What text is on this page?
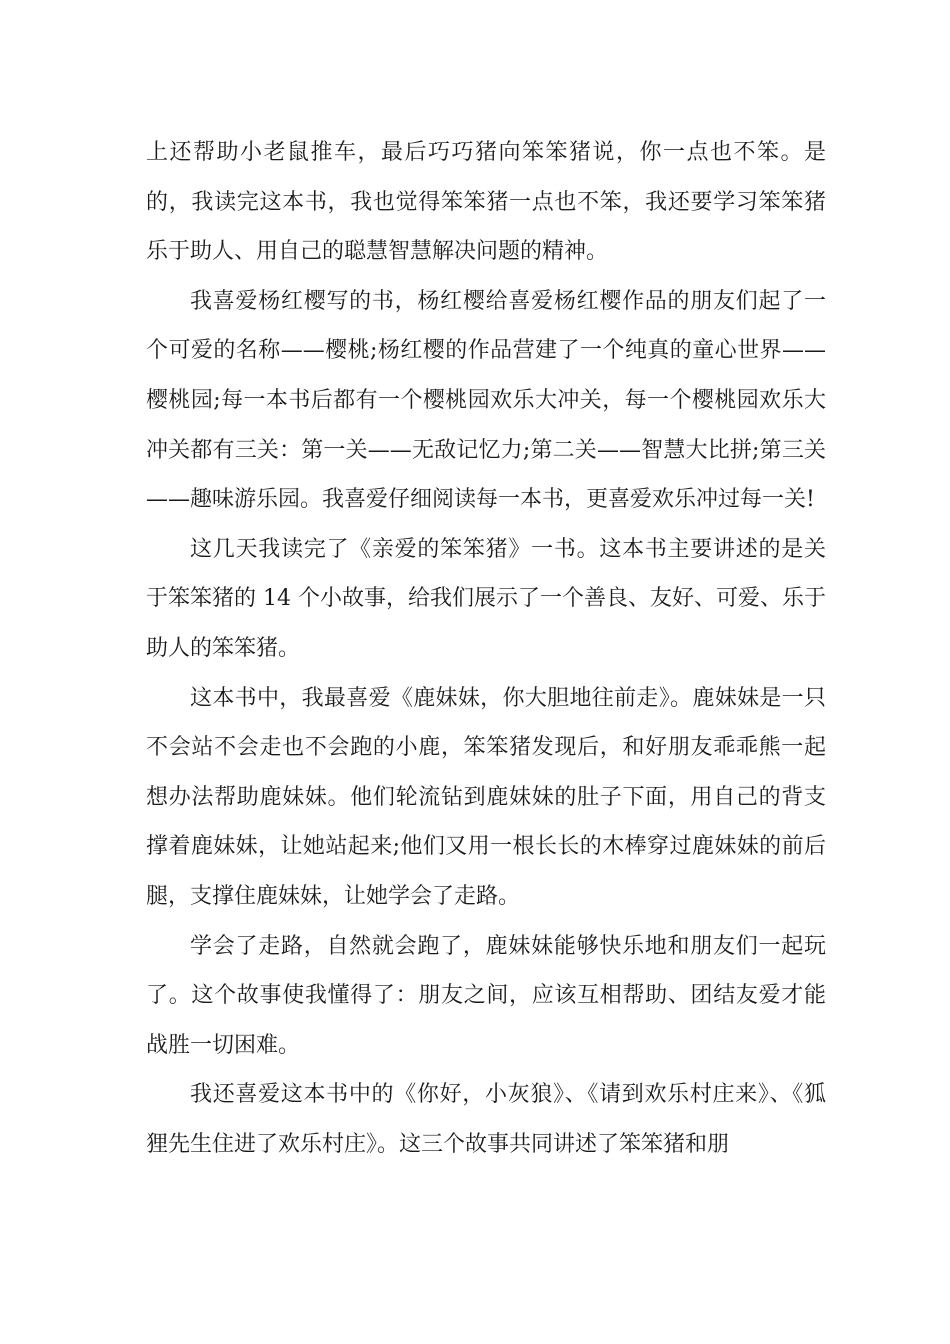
上还帮助小老鼠推车，最后巧巧猪向笨笨猪说，你一点也不笨。是的，我读完这本书，我也觉得笨笨猪一点也不笨，我还要学习笨笨猪乐于助人、用自己的聪慧智慧解决问题的精神。

我喜爱杨红樱写的书，杨红樱给喜爱杨红樱作品的朋友们起了一个可爱的名称——樱桃;杨红樱的作品营建了一个纯真的童心世界——樱桃园;每一本书后都有一个樱桃园欢乐大冲关，每一个樱桃园欢乐大冲关都有三关：第一关——无敌记忆力;第二关——智慧大比拼;第三关——趣味游乐园。我喜爱仔细阅读每一本书，更喜爱欢乐冲过每一关!

这几天我读完了《亲爱的笨笨猪》一书。这本书主要讲述的是关于笨笨猪的 14 个小故事，给我们展示了一个善良、友好、可爱、乐于助人的笨笨猪。

这本书中，我最喜爱《鹿妹妹，你大胆地往前走》。鹿妹妹是一只不会站不会走也不会跑的小鹿，笨笨猪发现后，和好朋友乖乖熊一起想办法帮助鹿妹妹。他们轮流钻到鹿妹妹的肚子下面，用自己的背支撑着鹿妹妹，让她站起来;他们又用一根长长的木棒穿过鹿妹妹的前后腿，支撑住鹿妹妹，让她学会了走路。

学会了走路，自然就会跑了，鹿妹妹能够快乐地和朋友们一起玩了。这个故事使我懂得了：朋友之间，应该互相帮助、团结友爱才能战胜一切困难。

我还喜爱这本书中的《你好，小灰狼》、《请到欢乐村庄来》、《狐狸先生住进了欢乐村庄》。这三个故事共同讲述了笨笨猪和朋
